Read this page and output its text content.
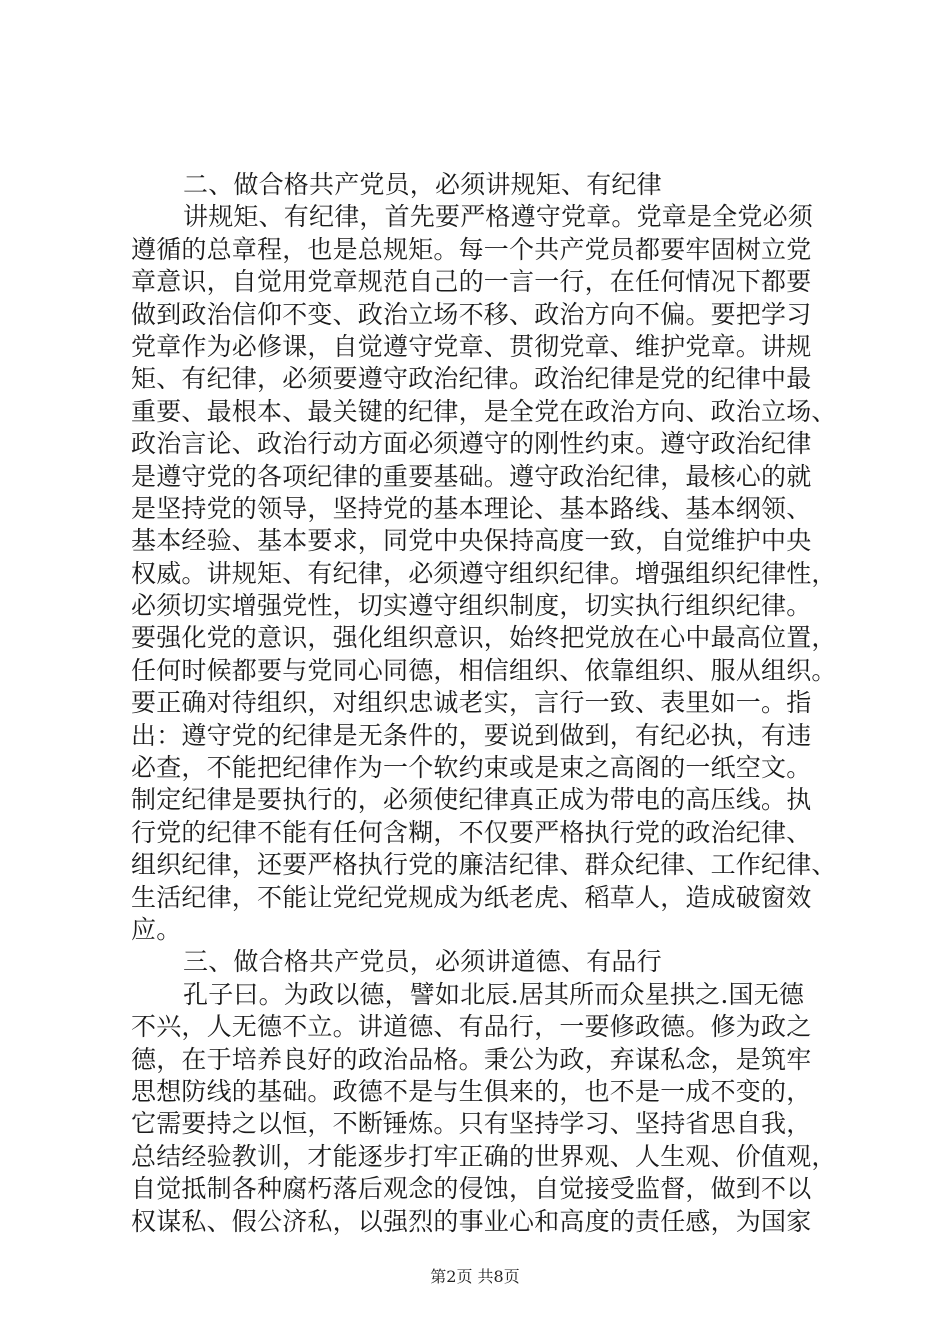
二、做合格共产党员，必须讲规矩、有纪律
讲规矩、有纪律，首先要严格遵守党章。党章是全党必须
遵循的总章程，也是总规矩。每一个共产党员都要牢固树立党
章意识，自觉用党章规范自己的一言一行，在任何情况下都要
做到政治信仰不变、政治立场不移、政治方向不偏。要把学习
党章作为必修课，自觉遵守党章、贯彻党章、维护党章。讲规
矩、有纪律，必须要遵守政治纪律。政治纪律是党的纪律中最
重要、最根本、最关键的纪律，是全党在政治方向、政治立场、
政治言论、政治行动方面必须遵守的刚性约束。遵守政治纪律
是遵守党的各项纪律的重要基础。遵守政治纪律，最核心的就
是坚持党的领导，坚持党的基本理论、基本路线、基本纲领、
基本经验、基本要求，同党中央保持高度一致，自觉维护中央
权威。讲规矩、有纪律，必须遵守组织纪律。增强组织纪律性，
必须切实增强党性，切实遵守组织制度，切实执行组织纪律。
要强化党的意识，强化组织意识，始终把党放在心中最高位置，
任何时候都要与党同心同德，相信组织、依靠组织、服从组织。
要正确对待组织，对组织忠诚老实，言行一致、表里如一。指
出：遵守党的纪律是无条件的，要说到做到，有纪必执，有违
必查，不能把纪律作为一个软约束或是束之高阁的一纸空文。
制定纪律是要执行的，必须使纪律真正成为带电的高压线。执
行党的纪律不能有任何含糊，不仅要严格执行党的政治纪律、
组织纪律，还要严格执行党的廉洁纪律、群众纪律、工作纪律、
生活纪律，不能让党纪党规成为纸老虎、稻草人，造成破窗效
应。
三、做合格共产党员，必须讲道德、有品行
孔子曰。为政以德，譬如北辰.居其所而众星拱之.国无德
不兴，人无德不立。讲道德、有品行，一要修政德。修为政之
德，在于培养良好的政治品格。秉公为政，弃谋私念，是筑牢
思想防线的基础。政德不是与生俱来的，也不是一成不变的，
它需要持之以恒，不断锤炼。只有坚持学习、坚持省思自我，
总结经验教训，才能逐步打牢正确的世界观、人生观、价值观，
自觉抵制各种腐朽落后观念的侵蚀，自觉接受监督，做到不以
权谋私、假公济私，以强烈的事业心和高度的责任感，为国家
第2页 共8页
